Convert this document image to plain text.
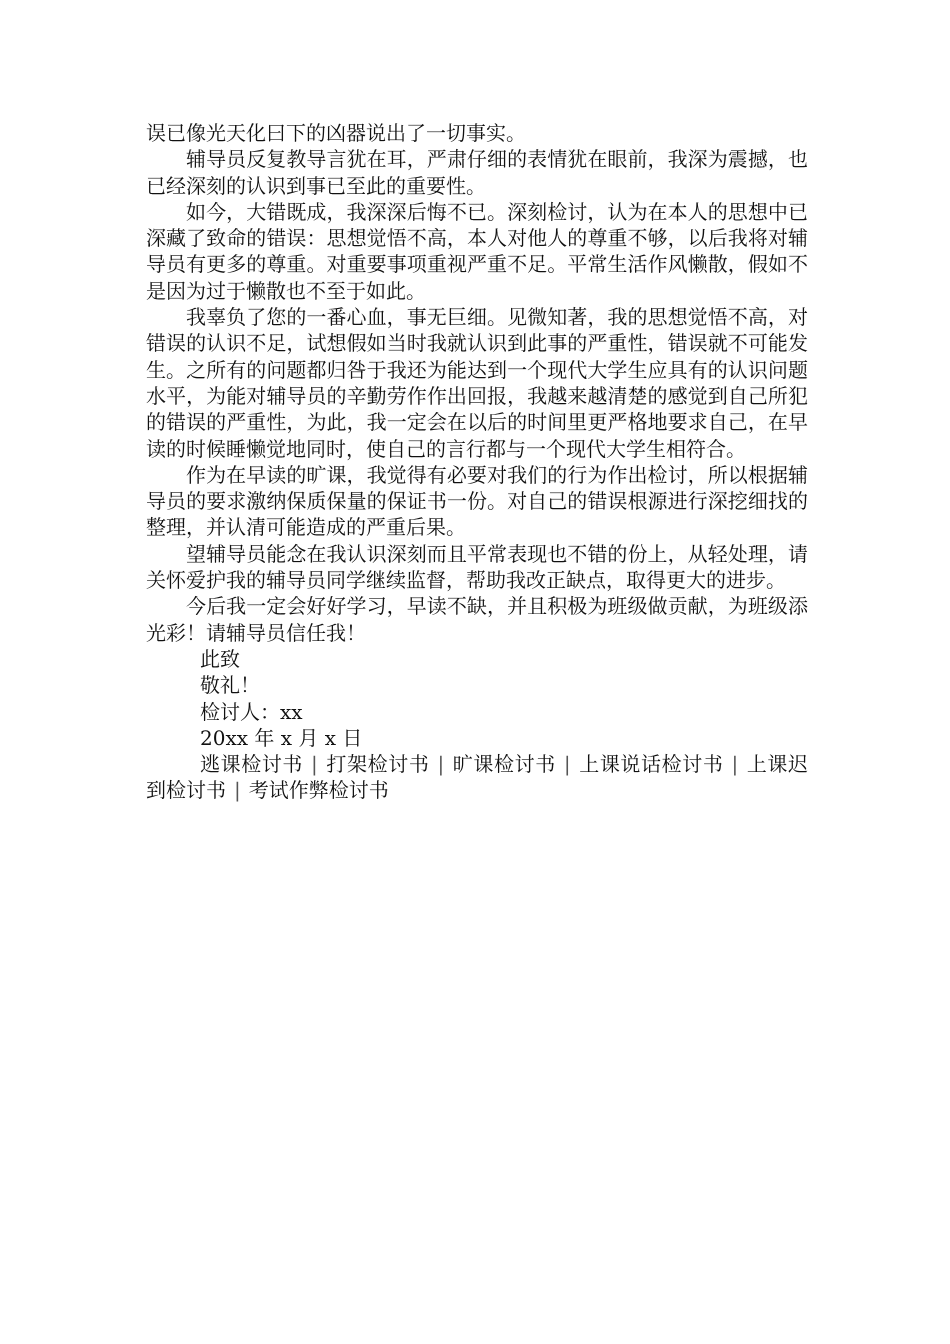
误已像光天化曰下的凶器说出了一切事实。

辅导员反复教导言犹在耳，严肃仔细的表情犹在眼前，我深为震撼，也已经深刻的认识到事已至此的重要性。

如今，大错既成，我深深后悔不已。深刻检讨，认为在本人的思想中已深藏了致命的错误：思想觉悟不高，本人对他人的尊重不够，以后我将对辅导员有更多的尊重。对重要事项重视严重不足。平常生活作风懒散，假如不是因为过于懒散也不至于如此。

我辜负了您的一番心血，事无巨细。见微知著，我的思想觉悟不高，对错误的认识不足，试想假如当时我就认识到此事的严重性，错误就不可能发生。之所有的问题都归咎于我还为能达到一个现代大学生应具有的认识问题水平，为能对辅导员的辛勤劳作作出回报，我越来越清楚的感觉到自己所犯的错误的严重性，为此，我一定会在以后的时间里更严格地要求自己，在早读的时候睡懒觉地同时，使自己的言行都与一个现代大学生相符合。

作为在早读的旷课，我觉得有必要对我们的行为作出检讨，所以根据辅导员的要求激纳保质保量的保证书一份。对自己的错误根源进行深挖细找的整理，并认清可能造成的严重后果。

望辅导员能念在我认识深刻而且平常表现也不错的份上，从轻处理，请关怀爱护我的辅导员同学继续监督，帮助我改正缺点，取得更大的进步。

今后我一定会好好学习，早读不缺，并且积极为班级做贡献，为班级添光彩！请辅导员信任我！

此致

敬礼！

检讨人：xx

20xx 年 x 月 x 日

逃课检讨书 | 打架检讨书 | 旷课检讨书 | 上课说话检讨书 | 上课迟到检讨书 | 考试作弊检讨书
